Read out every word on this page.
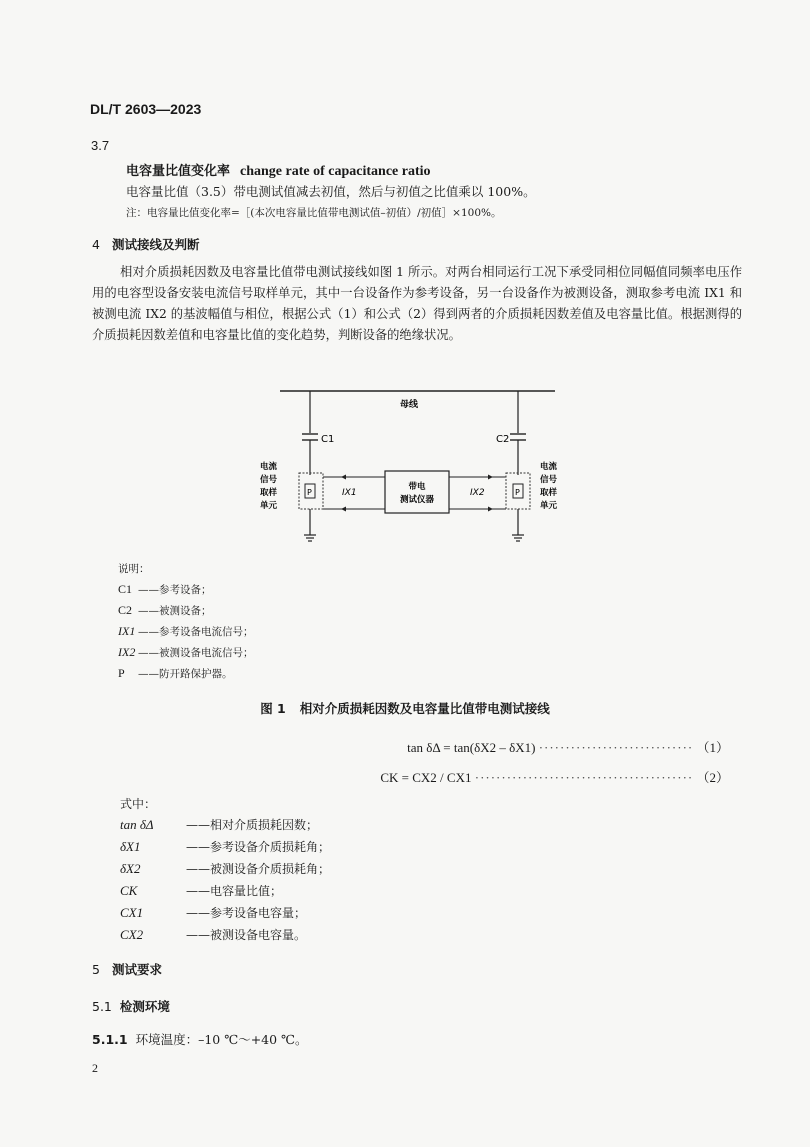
DL/T 2603—2023
3.7
电容量比值变化率 change rate of capacitance ratio
电容量比值（3.5）带电测试值减去初值，然后与初值之比值乘以 100%。
注：电容量比值变化率=［(本次电容量比值带电测试值–初值）/初值］×100%。
4 测试接线及判断
相对介质损耗因数及电容量比值带电测试接线如图 1 所示。对两台相同运行工况下承受同相位同幅值同频率电压作用的电容型设备安装电流信号取样单元，其中一台设备作为参考设备，另一台设备作为被测设备，测取参考电流 IX1 和被测电流 IX2 的基波幅值与相位，根据公式（1）和公式（2）得到两者的介质损耗因数差值及电容量比值。根据测得的介质损耗因数差值和电容量比值的变化趋势，判断设备的绝缘状况。
母线
C1
P
电流
信号
取样
单元
IX1
带电
测试仪器
IX2
C2
P
电流
信号
取样
单元
说明：
C1 ——参考设备；
C2 ——被测设备；
IX1 ——参考设备电流信号；
IX2 ——被测设备电流信号；
P ——防开路保护器。
图 1 相对介质损耗因数及电容量比值带电测试接线
tan δΔ = tan(δX2 – δX1) ····························· （1）
CK = CX2 / CX1 ········································· （2）
式中：
tan δΔ	——相对介质损耗因数；
δX1	——参考设备介质损耗角；
δX2	——被测设备介质损耗角；
CK	——电容量比值；
CX1	——参考设备电容量；
CX2	——被测设备电容量。
5 测试要求
5.1 检测环境
5.1.1 环境温度：–10 ℃～+40 ℃。
2
